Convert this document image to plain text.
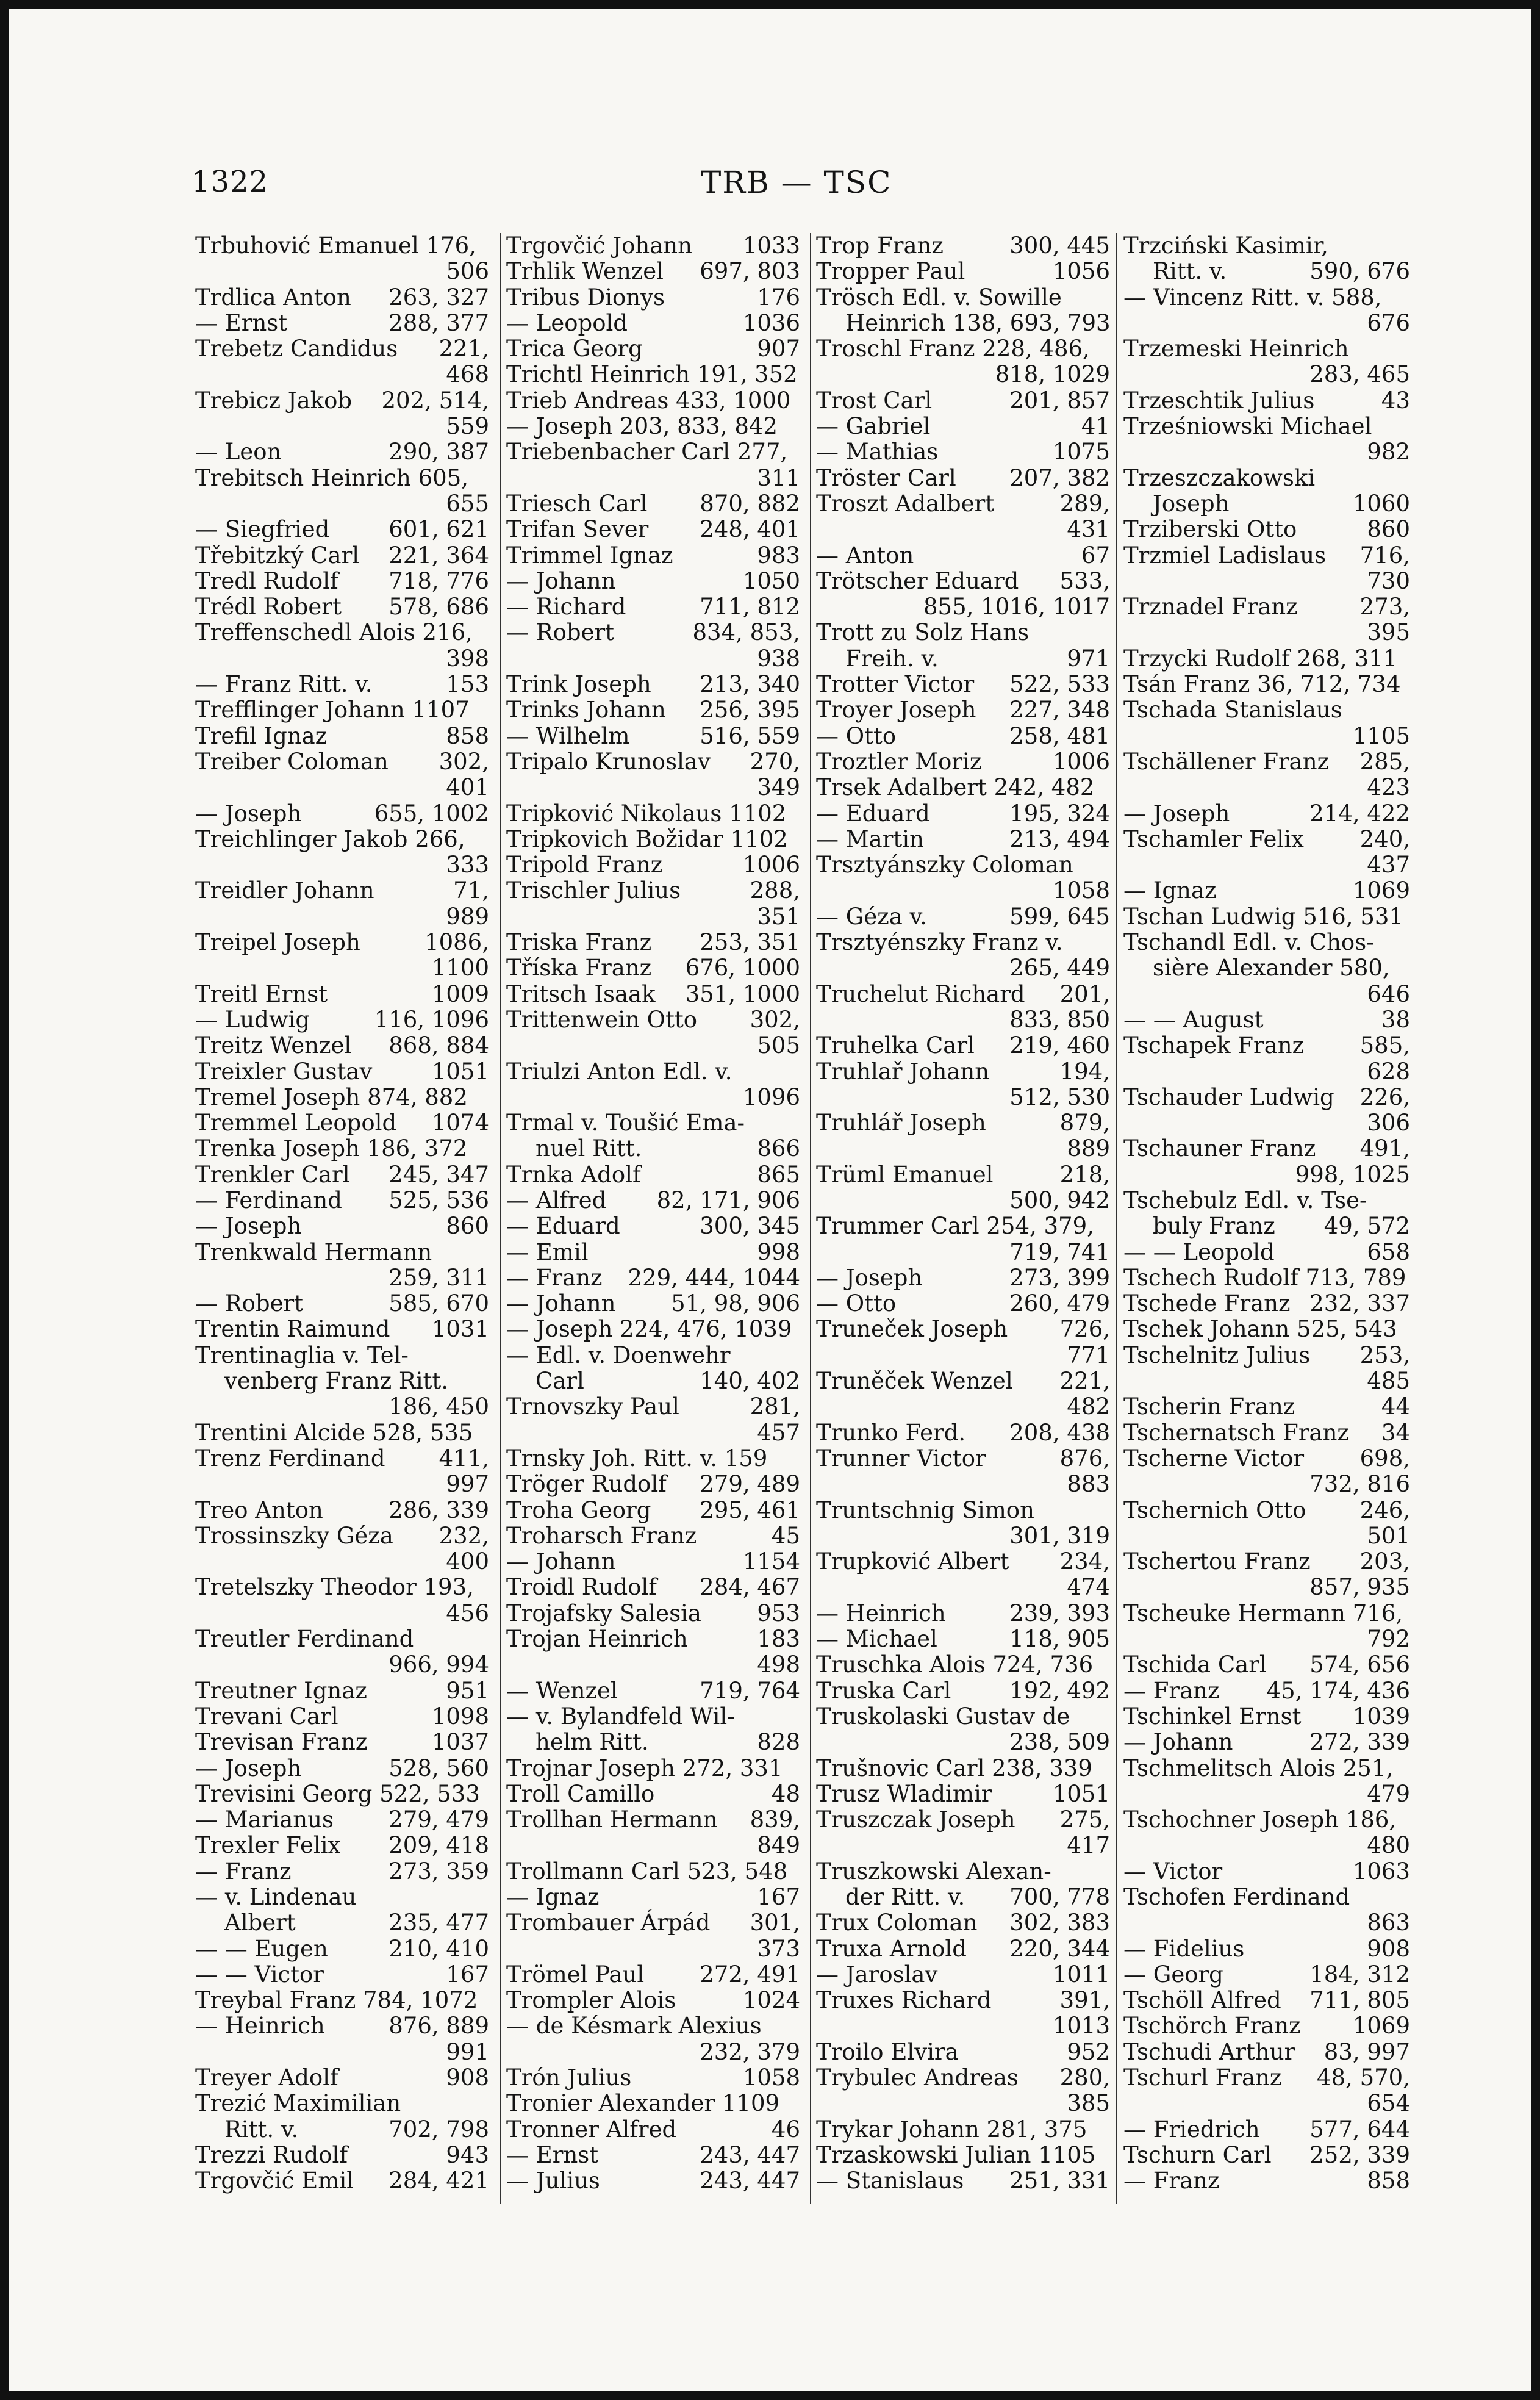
1322	TRB — TSC
Trbuhović Emanuel 176,
506
Trdlica Anton 263, 327
— Ernst	288, 377
Trebetz Candidus 221,
468
Trebicz Jakob 202, 514,
559
— Leon	290, 387
Trebitsch Heinrich 605,
655
— Siegfried	601, 621
Třebitzký Carl 221, 364
Tredl Rudolf 718, 776
Trédl Robert 578, 686
Treffenschedl Alois 216,
398
— Franz Ritt. v.	153
Trefflinger Johann 1107
Trefil Ignaz	858
Treiber Coloman 302,
401
— Joseph	655, 1002
Treichlinger Jakob 266,
333
Treidler Johann	71,
989
Treipel Joseph	1086,
1100
Treitl Ernst	1009
— Ludwig	116, 1096
Treitz Wenzel 868, 884
Treixler Gustav	1051
Tremel Joseph 874, 882
Tremmel Leopold 1074
Trenka Joseph 186, 372
Trenkler Carl 245, 347
— Ferdinand 525, 536
— Joseph	860
Trenkwald Hermann
259, 311
— Robert	585, 670
Trentin Raimund 1031
Trentinaglia v. Tel-
venberg Franz Ritt.
186, 450
Trentini Alcide 528, 535
Trenz Ferdinand 411,
997
Treo Anton	286, 339
Trossinszky Géza 232,
400
Tretelszky Theodor 193,
456
Treutler Ferdinand
966, 994
Treutner Ignaz	951
Trevani Carl	1098
Trevisan Franz	1037
— Joseph	528, 560
Trevisini Georg 522, 533
— Marianus 279, 479
Trexler Felix 209, 418
— Franz	273, 359
— v. Lindenau
Albert	235, 477
— — Eugen	210, 410
— — Victor	167
Treybal Franz 784, 1072
— Heinrich	876, 889
991
Treyer Adolf	908
Trezić Maximilian
Ritt. v.	702, 798
Trezzi Rudolf	943
Trgovčić Emil 284, 421
Trgovčić Johann 1033
Trhlik Wenzel 697, 803
Tribus Dionys	176
— Leopold	1036
Trica Georg	907
Trichtl Heinrich 191, 352
Trieb Andreas 433, 1000
— Joseph 203, 833, 842
Triebenbacher Carl 277,
311
Triesch Carl 870, 882
Trifan Sever 248, 401
Trimmel Ignaz	983
— Johann	1050
— Richard	711, 812
— Robert	834, 853,
938
Trink Joseph 213, 340
Trinks Johann 256, 395
— Wilhelm	516, 559
Tripalo Krunoslav 270,
349
Tripković Nikolaus 1102
Tripkovich Božidar 1102
Tripold Franz	1006
Trischler Julius	288,
351
Triska Franz 253, 351
Tříska Franz 676, 1000
Tritsch Isaak 351, 1000
Trittenwein Otto 302,
505
Triulzi Anton Edl. v.
1096
Trmal v. Toušić Ema-
nuel Ritt.	866
Trnka Adolf	865
— Alfred 82, 171, 906
— Eduard	300, 345
— Emil	998
— Franz 229, 444, 1044
— Johann 51, 98, 906
— Joseph 224, 476, 1039
— Edl. v. Doenwehr
Carl	140, 402
Trnovszky Paul	281,
457
Trnsky Joh. Ritt. v. 159
Tröger Rudolf 279, 489
Troha Georg 295, 461
Troharsch Franz	45
— Johann	1154
Troidl Rudolf 284, 467
Trojafsky Salesia 953
Trojan Heinrich	183
498
— Wenzel	719, 764
— v. Bylandfeld Wil-
helm Ritt.	828
Trojnar Joseph 272, 331
Troll Camillo	48
Trollhan Hermann 839,
849
Trollmann Carl 523, 548
— Ignaz	167
Trombauer Árpád 301,
373
Trömel Paul 272, 491
Trompler Alois	1024
— de Késmark Alexius
232, 379
Trón Julius	1058
Tronier Alexander 1109
Tronner Alfred	46
— Ernst	243, 447
— Julius	243, 447
Trop Franz	300, 445
Tropper Paul	1056
Trösch Edl. v. Sowille
Heinrich 138, 693, 793
Troschl Franz 228, 486,
818, 1029
Trost Carl	201, 857
— Gabriel	41
— Mathias	1075
Tröster Carl 207, 382
Troszt Adalbert	289,
431
— Anton	67
Trötscher Eduard 533,
855, 1016, 1017
Trott zu Solz Hans
Freih. v.	971
Trotter Victor 522, 533
Troyer Joseph 227, 348
— Otto	258, 481
Troztler Moriz	1006
Trsek Adalbert 242, 482
— Eduard	195, 324
— Martin	213, 494
Trsztyánszky Coloman
1058
— Géza v.	599, 645
Trsztyénszky Franz v.
265, 449
Truchelut Richard 201,
833, 850
Truhelka Carl 219, 460
Truhlař Johann	194,
512, 530
Truhlář Joseph	879,
889
Trüml Emanuel	218,
500, 942
Trummer Carl 254, 379,
719, 741
— Joseph	273, 399
— Otto	260, 479
Truneček Joseph 726,
771
Truněček Wenzel 221,
482
Trunko Ferd. 208, 438
Trunner Victor	876,
883
Truntschnig Simon
301, 319
Trupković Albert 234,
474
— Heinrich	239, 393
— Michael	118, 905
Truschka Alois 724, 736
Truska Carl	192, 492
Truskolaski Gustav de
238, 509
Trušnovic Carl 238, 339
Trusz Wladimir	1051
Truszczak Joseph 275,
417
Truszkowski Alexan-
der Ritt. v. 700, 778
Trux Coloman 302, 383
Truxa Arnold 220, 344
— Jaroslav	1011
Truxes Richard	391,
1013
Troilo Elvira	952
Trybulec Andreas 280,
385
Trykar Johann 281, 375
Trzaskowski Julian 1105
— Stanislaus 251, 331
Trzciński Kasimir,
Ritt. v.	590, 676
— Vincenz Ritt. v. 588,
676
Trzemeski Heinrich
283, 465
Trzeschtik Julius	43
Trześniowski Michael
982
Trzeszczakowski
Joseph	1060
Trziberski Otto	860
Trzmiel Ladislaus 716,
730
Trznadel Franz	273,
395
Trzycki Rudolf 268, 311
Tsán Franz 36, 712, 734
Tschada Stanislaus
1105
Tschällener Franz 285,
423
— Joseph	214, 422
Tschamler Felix 240,
437
— Ignaz	1069
Tschan Ludwig 516, 531
Tschandl Edl. v. Chos-
sière Alexander 580,
646
— — August	38
Tschapek Franz 585,
628
Tschauder Ludwig 226,
306
Tschauner Franz 491,
998, 1025
Tschebulz Edl. v. Tse-
buly Franz 49, 572
— — Leopold	658
Tschech Rudolf 713, 789
Tschede Franz 232, 337
Tschek Johann 525, 543
Tschelnitz Julius 253,
485
Tscherin Franz	44
Tschernatsch Franz 34
Tscherne Victor 698,
732, 816
Tschernich Otto 246,
501
Tschertou Franz 203,
857, 935
Tscheuke Hermann 716,
792
Tschida Carl 574, 656
— Franz 45, 174, 436
Tschinkel Ernst 1039
— Johann	272, 339
Tschmelitsch Alois 251,
479
Tschochner Joseph 186,
480
— Victor	1063
Tschofen Ferdinand
863
— Fidelius	908
— Georg	184, 312
Tschöll Alfred 711, 805
Tschörch Franz 1069
Tschudi Arthur 83, 997
Tschurl Franz 48, 570,
654
— Friedrich 577, 644
Tschurn Carl 252, 339
— Franz	858
